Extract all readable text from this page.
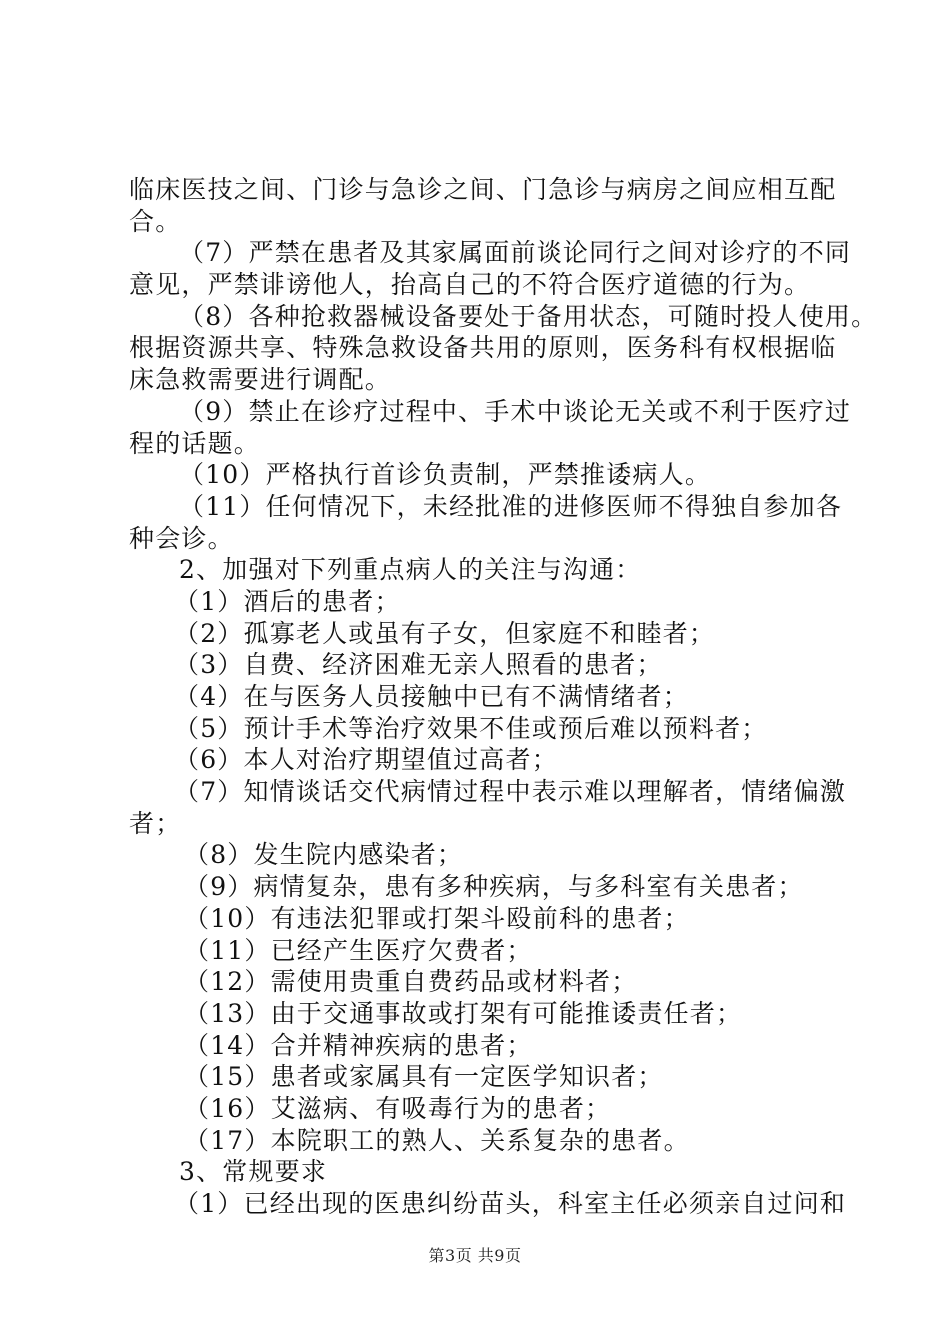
临床医技之间、门诊与急诊之间、门急诊与病房之间应相互配
合。
（7）严禁在患者及其家属面前谈论同行之间对诊疗的不同
意见，严禁诽谤他人，抬高自己的不符合医疗道德的行为。
（8）各种抢救器械设备要处于备用状态，可随时投人使用。
根据资源共享、特殊急救设备共用的原则，医务科有权根据临
床急救需要进行调配。
（9）禁止在诊疗过程中、手术中谈论无关或不利于医疗过
程的话题。
（10）严格执行首诊负责制，严禁推诿病人。
（11）任何情况下，未经批准的进修医师不得独自参加各
种会诊。
2、加强对下列重点病人的关注与沟通：
（1）酒后的患者；
（2）孤寡老人或虽有子女，但家庭不和睦者；
（3）自费、经济困难无亲人照看的患者；
（4）在与医务人员接触中已有不满情绪者；
（5）预计手术等治疗效果不佳或预后难以预料者；
（6）本人对治疗期望值过高者；
（7）知情谈话交代病情过程中表示难以理解者，情绪偏激
者；
（8）发生院内感染者；
（9）病情复杂，患有多种疾病，与多科室有关患者；
（10）有违法犯罪或打架斗殴前科的患者；
（11）已经产生医疗欠费者；
（12）需使用贵重自费药品或材料者；
（13）由于交通事故或打架有可能推诿责任者；
（14）合并精神疾病的患者；
（15）患者或家属具有一定医学知识者；
（16）艾滋病、有吸毒行为的患者；
（17）本院职工的熟人、关系复杂的患者。
3、常规要求
（1）已经出现的医患纠纷苗头，科室主任必须亲自过问和
第3页 共9页
